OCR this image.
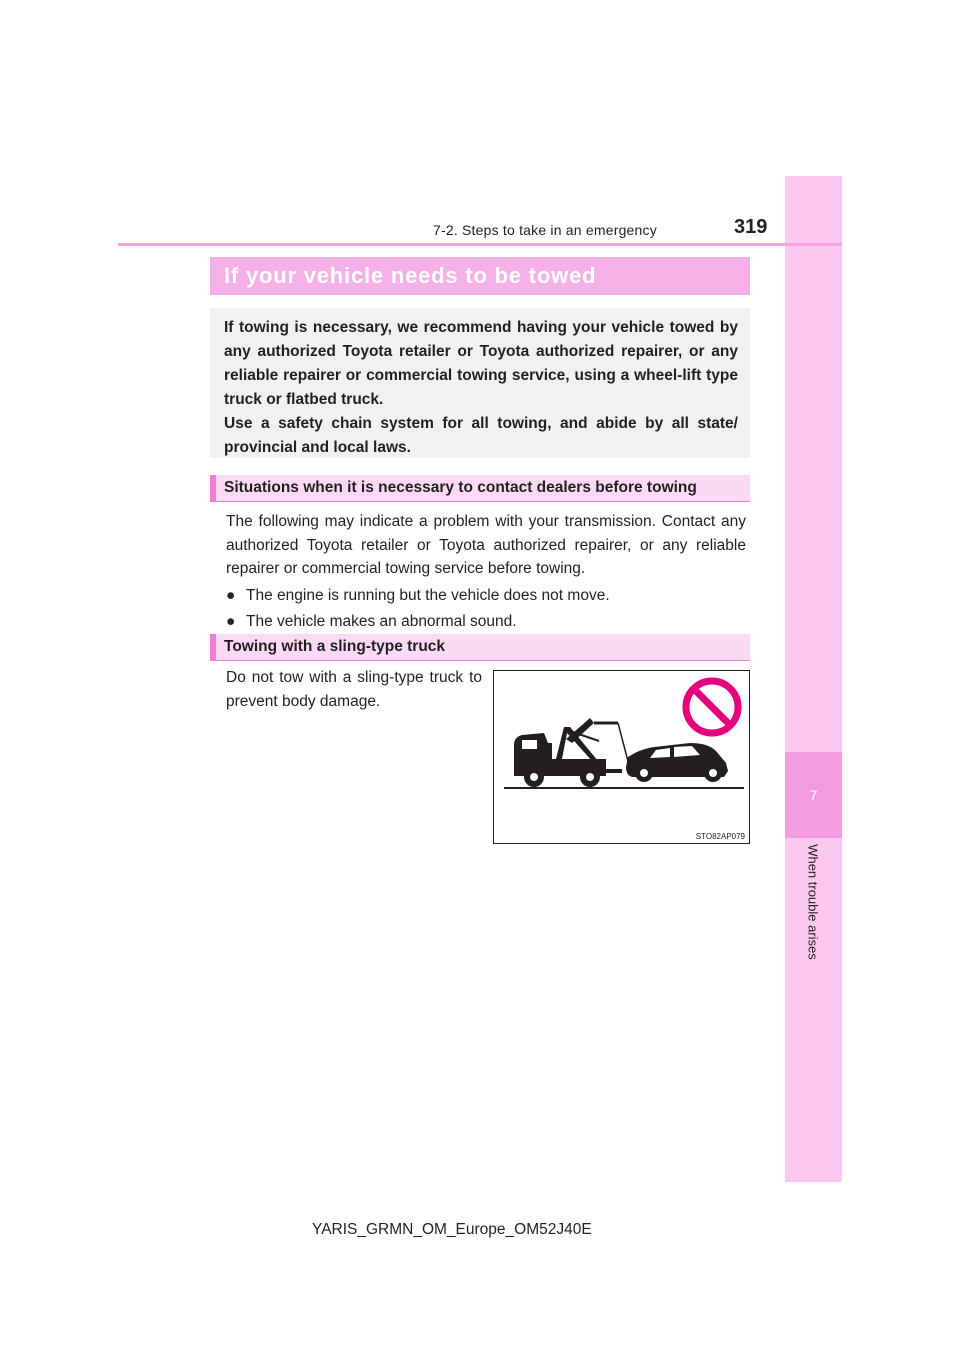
7
When trouble arises
7-2. Steps to take in an emergency	319
If your vehicle needs to be towed

If towing is necessary, we recommend having your vehicle towed by any authorized Toyota retailer or Toyota authorized repairer, or any reliable repairer or commercial towing service, using a wheel-lift type truck or flatbed truck.

Use a safety chain system for all towing, and abide by all state/ provincial and local laws.

Situations when it is necessary to contact dealers before towing

The following may indicate a problem with your transmission. Contact any authorized Toyota retailer or Toyota authorized repairer, or any reliable repairer or commercial towing service before towing.

● The engine is running but the vehicle does not move.
● The vehicle makes an abnormal sound.
Towing with a sling-type truck
Do not tow with a sling-type truck to prevent body damage.
STO82AP079
YARIS_GRMN_OM_Europe_OM52J40E
